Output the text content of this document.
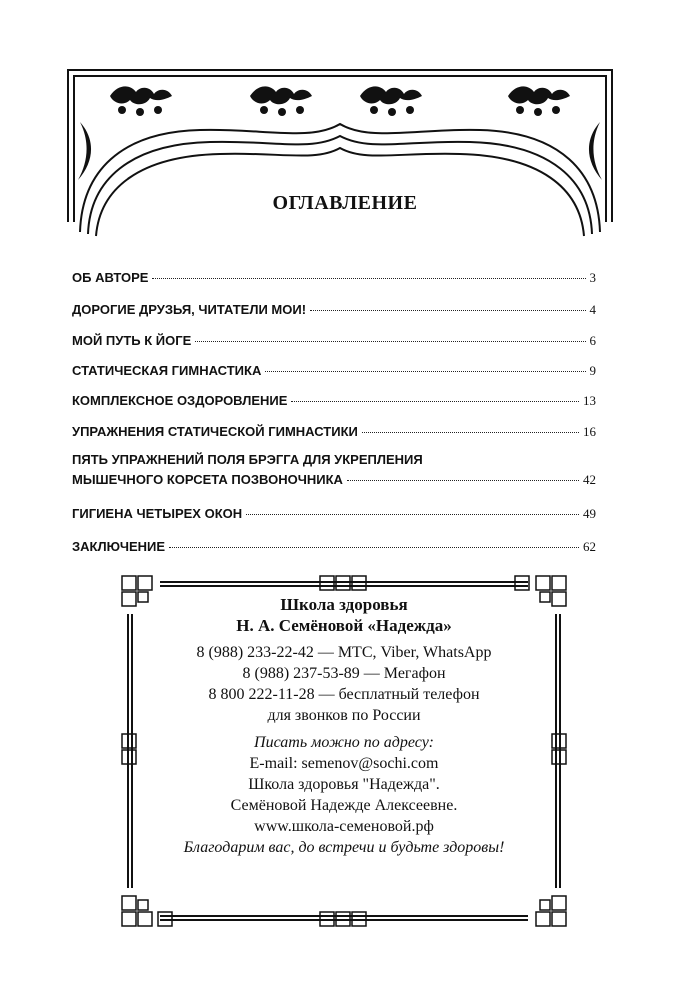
ОГЛАВЛЕНИЕ
ОБ АВТОРЕ	3
ДОРОГИЕ ДРУЗЬЯ, ЧИТАТЕЛИ МОИ!	4
МОЙ ПУТЬ К ЙОГЕ	6
СТАТИЧЕСКАЯ ГИМНАСТИКА	9
КОМПЛЕКСНОЕ ОЗДОРОВЛЕНИЕ	13
УПРАЖНЕНИЯ СТАТИЧЕСКОЙ ГИМНАСТИКИ	16
ПЯТЬ УПРАЖНЕНИЙ ПОЛЯ БРЭГГА ДЛЯ УКРЕПЛЕНИЯ
МЫШЕЧНОГО КОРСЕТА ПОЗВОНОЧНИКА	42
ГИГИЕНА ЧЕТЫРЕХ ОКОН	49
ЗАКЛЮЧЕНИЕ	62
Школа здоровья
Н. А. Семёновой «Надежда»
8 (988) 233-22-42 — МТС, Viber, WhatsApp
8 (988) 237-53-89 — Мегафон
8 800 222-11-28 — бесплатный телефон
для звонков по России
Писать можно по адресу:
E-mail: semenov@sochi.com
Школа здоровья "Надежда".
Семёновой Надежде Алексеевне.
www.школа-семеновой.рф
Благодарим вас, до встречи и будьте здоровы!
